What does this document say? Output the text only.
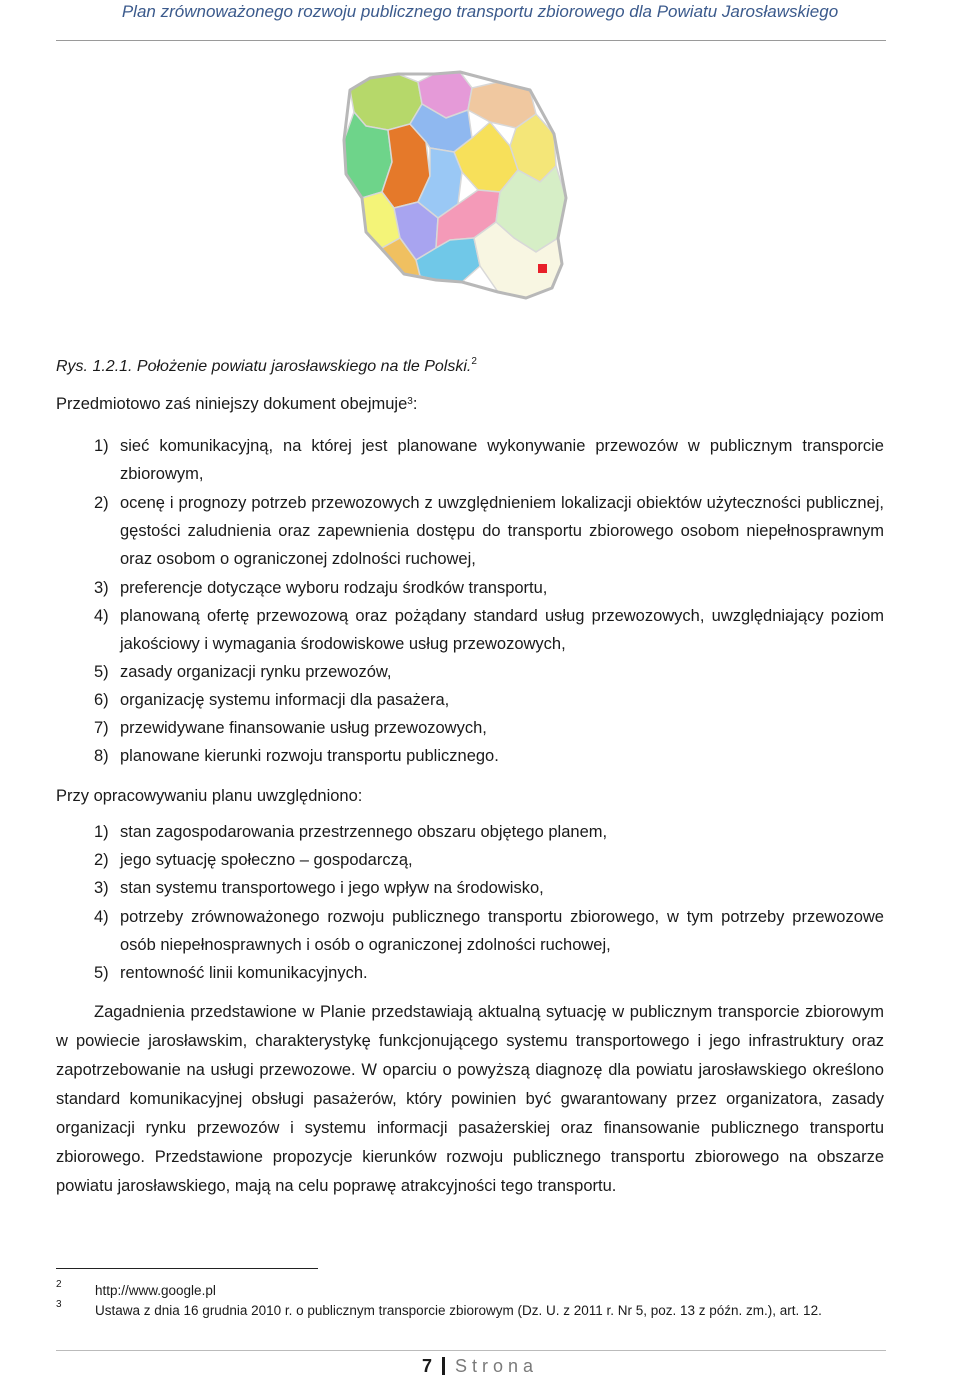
Plan zrównoważonego rozwoju publicznego transportu zbiorowego dla Powiatu Jarosławskiego
Rys. 1.2.1. Położenie powiatu jarosławskiego na tle Polski.$^2$
Przedmiotowo zaś niniejszy dokument obejmuje$^3$:
1) sieć komunikacyjną, na której jest planowane wykonywanie przewozów w publicznym transporcie zbiorowym,
2) ocenę i prognozy potrzeb przewozowych z uwzględnieniem lokalizacji obiektów użyteczności publicznej, gęstości zaludnienia oraz zapewnienia dostępu do transportu zbiorowego osobom niepełnosprawnym oraz osobom o ograniczonej zdolności ruchowej,
3) preferencje dotyczące wyboru rodzaju środków transportu,
4) planowaną ofertę przewozową oraz pożądany standard usług przewozowych, uwzględniający poziom jakościowy i wymagania środowiskowe usług przewozowych,
5) zasady organizacji rynku przewozów,
6) organizację systemu informacji dla pasażera,
7) przewidywane finansowanie usług przewozowych,
8) planowane kierunki rozwoju transportu publicznego.
Przy opracowywaniu planu uwzględniono:
1) stan zagospodarowania przestrzennego obszaru objętego planem,
2) jego sytuację społeczno – gospodarczą,
3) stan systemu transportowego i jego wpływ na środowisko,
4) potrzeby zrównoważonego rozwoju publicznego transportu zbiorowego, w tym potrzeby przewozowe osób niepełnosprawnych i osób o ograniczonej zdolności ruchowej,
5) rentowność linii komunikacyjnych.
Zagadnienia przedstawione w Planie przedstawiają aktualną sytuację w publicznym transporcie zbiorowym w powiecie jarosławskim, charakterystykę funkcjonującego systemu transportowego i jego infrastruktury oraz zapotrzebowanie na usługi przewozowe. W oparciu o powyższą diagnozę dla powiatu jarosławskiego określono standard komunikacyjnej obsługi pasażerów, który powinien być gwarantowany przez organizatora, zasady organizacji rynku przewozów i systemu informacji pasażerskiej oraz finansowanie publicznego transportu zbiorowego. Przedstawione propozycje kierunków rozwoju publicznego transportu zbiorowego na obszarze powiatu jarosławskiego, mają na celu poprawę atrakcyjności tego transportu.
2 http://www.google.pl
3 Ustawa z dnia 16 grudnia 2010 r. o publicznym transporcie zbiorowym (Dz. U. z 2011 r. Nr 5, poz. 13 z późn. zm.), art. 12.
7 Strona
